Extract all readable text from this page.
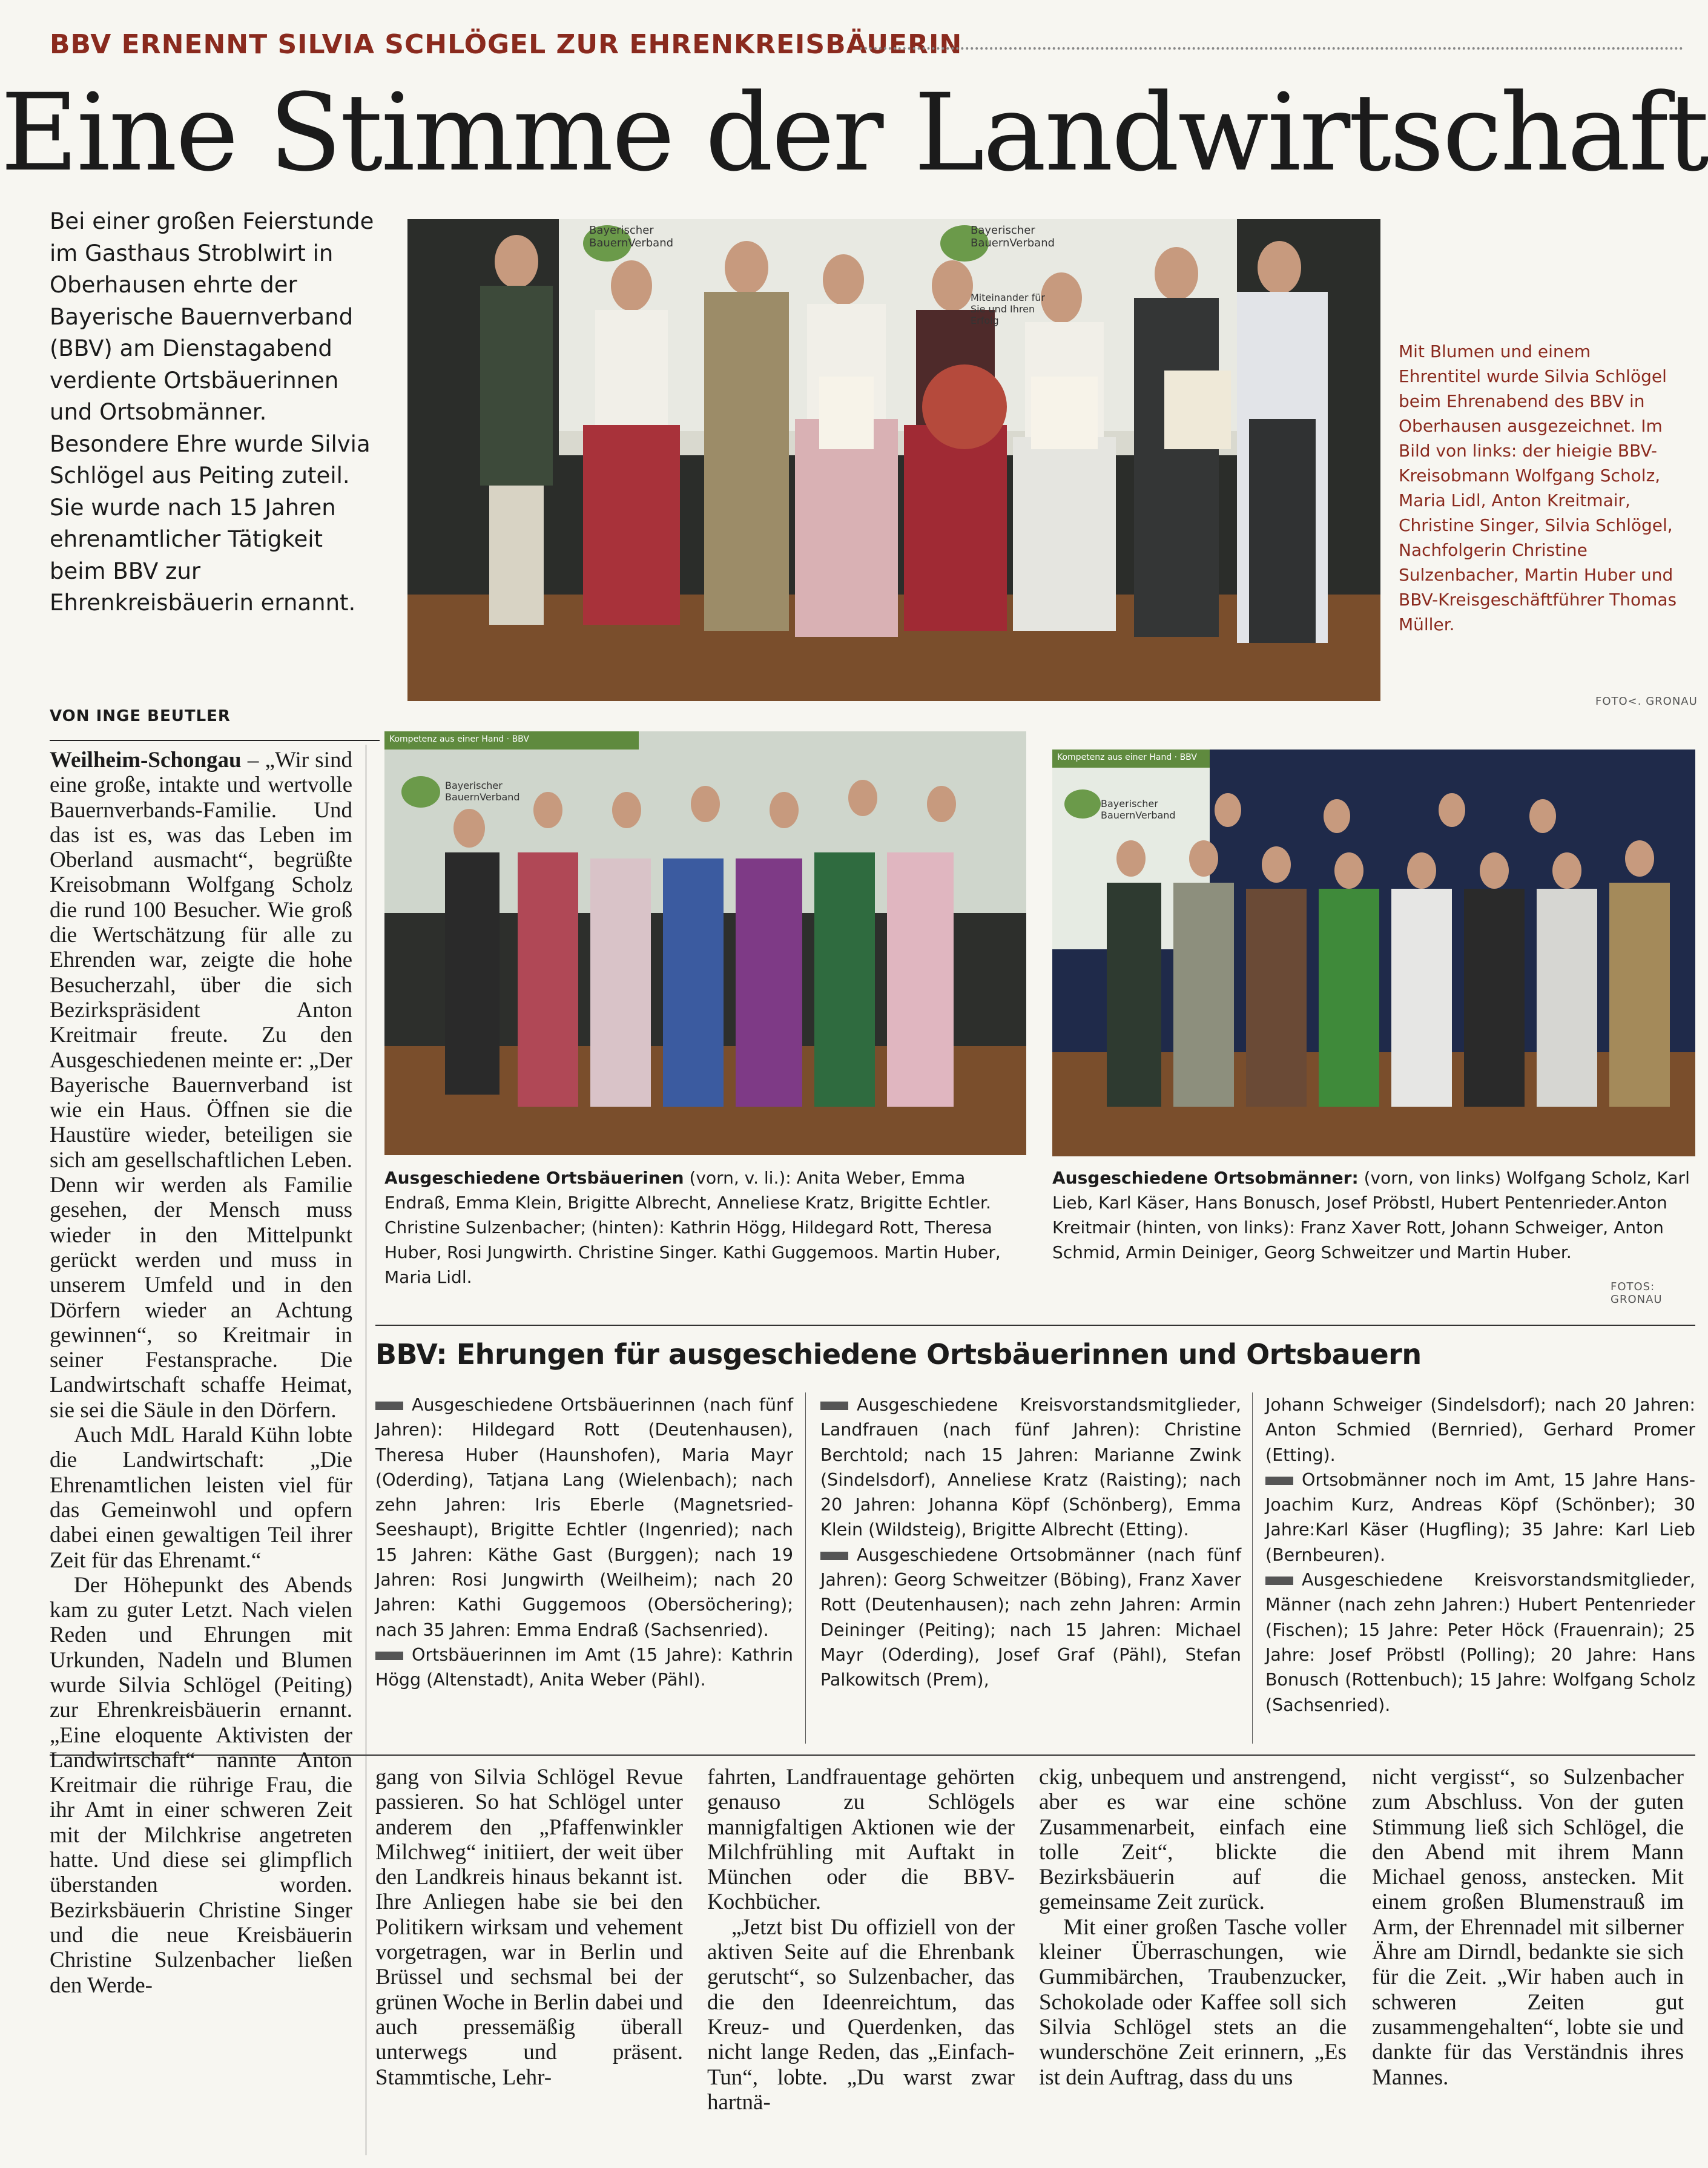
BBV ERNENNT SILVIA SCHLÖGEL ZUR EHRENKREISBÄUERIN
Eine Stimme der Landwirtschaft
Bei einer großen Feierstunde im Gasthaus Stroblwirt in Oberhausen ehrte der Bayerische Bauernverband (BBV) am Dienstagabend verdiente Ortsbäuerinnen und Ortsobmänner. Besondere Ehre wurde Silvia Schlögel aus Peiting zuteil. Sie wurde nach 15 Jahren ehrenamtlicher Tätigkeit beim BBV zur Ehrenkreisbäuerin ernannt.
VON INGE BEUTLER
Bayerischer BauernVerband
Bayerischer BauernVerband
Miteinander für Sie und Ihren Erfolg
Mit Blumen und einem Ehrentitel wurde Silvia Schlögel beim Ehrenabend des BBV in Oberhausen ausgezeichnet. Im Bild von links: der hieigie BBV-Kreisobmann Wolfgang Scholz, Maria Lidl, Anton Kreitmair, Christine Singer, Silvia Schlögel, Nachfolgerin Christine Sulzenbacher, Martin Huber und BBV-Kreisgeschäftführer Thomas Müller.
FOTO<. GRONAU
Kompetenz aus einer Hand · BBV
Bayerischer BauernVerband
Kompetenz aus einer Hand · BBV
Bayerischer BauernVerband
Ausgeschiedene Ortsbäuerinen (vorn, v. li.): Anita Weber, Emma Endraß, Emma Klein, Brigitte Albrecht, Anneliese Kratz, Brigitte Echtler. Christine Sulzenbacher; (hinten): Kathrin Högg, Hildegard Rott, Theresa Huber, Rosi Jungwirth. Christine Singer. Kathi Guggemoos. Martin Huber, Maria Lidl.
Ausgeschiedene Ortsobmänner: (vorn, von links) Wolfgang Scholz, Karl Lieb, Karl Käser, Hans Bonusch, Josef Pröbstl, Hubert Pentenrieder.Anton Kreitmair (hinten, von links): Franz Xaver Rott, Johann Schweiger, Anton Schmid, Armin Deiniger, Georg Schweitzer und Martin Huber.
FOTOS: GRONAU

Weilheim-Schongau – „Wir sind eine große, intakte und wertvolle Bauernverbands-Familie. Und das ist es, was das Leben im Oberland ausmacht“, begrüßte Kreisobmann Wolfgang Scholz die rund 100 Besucher. Wie groß die Wertschätzung für alle zu Ehrenden war, zeigte die hohe Besucherzahl, über die sich Bezirkspräsident Anton Kreitmair freute. Zu den Ausgeschiedenen meinte er: „Der Bayerische Bauernverband ist wie ein Haus. Öffnen sie die Haustüre wieder, beteiligen sie sich am gesellschaftlichen Leben. Denn wir werden als Familie gesehen, der Mensch muss wieder in den Mittelpunkt gerückt werden und muss in unserem Umfeld und in den Dörfern wieder an Achtung gewinnen“, so Kreitmair in seiner Festansprache. Die Landwirtschaft schaffe Heimat, sie sei die Säule in den Dörfern.

Auch MdL Harald Kühn lobte die Landwirtschaft: „Die Ehrenamtlichen leisten viel für das Gemeinwohl und opfern dabei einen gewaltigen Teil ihrer Zeit für das Ehrenamt.“

Der Höhepunkt des Abends kam zu guter Letzt. Nach vielen Reden und Ehrungen mit Urkunden, Nadeln und Blumen wurde Silvia Schlögel (Peiting) zur Ehrenkreisbäuerin ernannt. „Eine eloquente Aktivisten der Landwirtschaft“ nannte Anton Kreitmair die rührige Frau, die ihr Amt in einer schweren Zeit mit der Milchkrise angetreten hatte. Und diese sei glimpflich überstanden worden. Bezirksbäuerin Christine Singer und die neue Kreisbäuerin Christine Sulzenbacher ließen den Werde-

BBV: Ehrungen für ausgeschiedene Ortsbäuerinnen und Ortsbauern

Ausgeschiedene Ortsbäuerinnen (nach fünf Jahren): Hildegard Rott (Deutenhausen), Theresa Huber (Haunshofen), Maria Mayr (Oderding), Tatjana Lang (Wielenbach); nach zehn Jahren: Iris Eberle (Magnetsried-Seeshaupt), Brigitte Echtler (Ingenried); nach 15 Jahren: Käthe Gast (Burggen); nach 19 Jahren: Rosi Jungwirth (Weilheim); nach 20 Jahren: Kathi Guggemoos (Obersöchering); nach 35 Jahren: Emma Endraß (Sachsenried).

Ortsbäuerinnen im Amt (15 Jahre): Kathrin Högg (Altenstadt), Anita Weber (Pähl).

Ausgeschiedene Kreisvorstandsmitglieder, Landfrauen (nach fünf Jahren): Christine Berchtold; nach 15 Jahren: Marianne Zwink (Sindelsdorf), Anneliese Kratz (Raisting); nach 20 Jahren: Johanna Köpf (Schönberg), Emma Klein (Wildsteig), Brigitte Albrecht (Etting).

Ausgeschiedene Ortsobmänner (nach fünf Jahren): Georg Schweitzer (Böbing), Franz Xaver Rott (Deutenhausen); nach zehn Jahren: Armin Deininger (Peiting); nach 15 Jahren: Michael Mayr (Oderding), Josef Graf (Pähl), Stefan Palkowitsch (Prem),

Johann Schweiger (Sindelsdorf); nach 20 Jahren: Anton Schmied (Bernried), Gerhard Promer (Etting).

Ortsobmänner noch im Amt, 15 Jahre Hans-Joachim Kurz, Andreas Köpf (Schönber); 30 Jahre:Karl Käser (Hugfling); 35 Jahre: Karl Lieb (Bernbeuren).

Ausgeschiedene Kreisvorstandsmitglieder, Männer (nach zehn Jahren:) Hubert Pentenrieder (Fischen); 15 Jahre: Peter Höck (Frauenrain); 25 Jahre: Josef Pröbstl (Polling); 20 Jahre: Hans Bonusch (Rottenbuch); 15 Jahre: Wolfgang Scholz (Sachsenried).

gang von Silvia Schlögel Revue passieren. So hat Schlögel unter anderem den „Pfaffenwinkler Milchweg“ initiiert, der weit über den Landkreis hinaus bekannt ist. Ihre Anliegen habe sie bei den Politikern wirksam und vehement vorgetragen, war in Berlin und Brüssel und sechsmal bei der grünen Woche in Berlin dabei und auch pressemäßig überall unterwegs und präsent. Stammtische, Lehr-

fahrten, Landfrauentage gehörten genauso zu Schlögels mannigfaltigen Aktionen wie der Milchfrühling mit Auftakt in München oder die BBV-Kochbücher.

„Jetzt bist Du offiziell von der aktiven Seite auf die Ehrenbank gerutscht“, so Sulzenbacher, das die den Ideenreichtum, das Kreuz- und Querdenken, das nicht lange Reden, das „Einfach-Tun“, lobte. „Du warst zwar hartnä-

ckig, unbequem und anstrengend, aber es war eine schöne Zusammenarbeit, einfach eine tolle Zeit“, blickte die Bezirksbäuerin auf die gemeinsame Zeit zurück.

Mit einer großen Tasche voller kleiner Überraschungen, wie Gummibärchen, Traubenzucker, Schokolade oder Kaffee soll sich Silvia Schlögel stets an die wunderschöne Zeit erinnern, „Es ist dein Auftrag, dass du uns

nicht vergisst“, so Sulzenbacher zum Abschluss. Von der guten Stimmung ließ sich Schlögel, die den Abend mit ihrem Mann Michael genoss, anstecken. Mit einem großen Blumenstrauß im Arm, der Ehrennadel mit silberner Ähre am Dirndl, bedankte sie sich für die Zeit. „Wir haben auch in schweren Zeiten gut zusammengehalten“, lobte sie und dankte für das Verständnis ihres Mannes.
